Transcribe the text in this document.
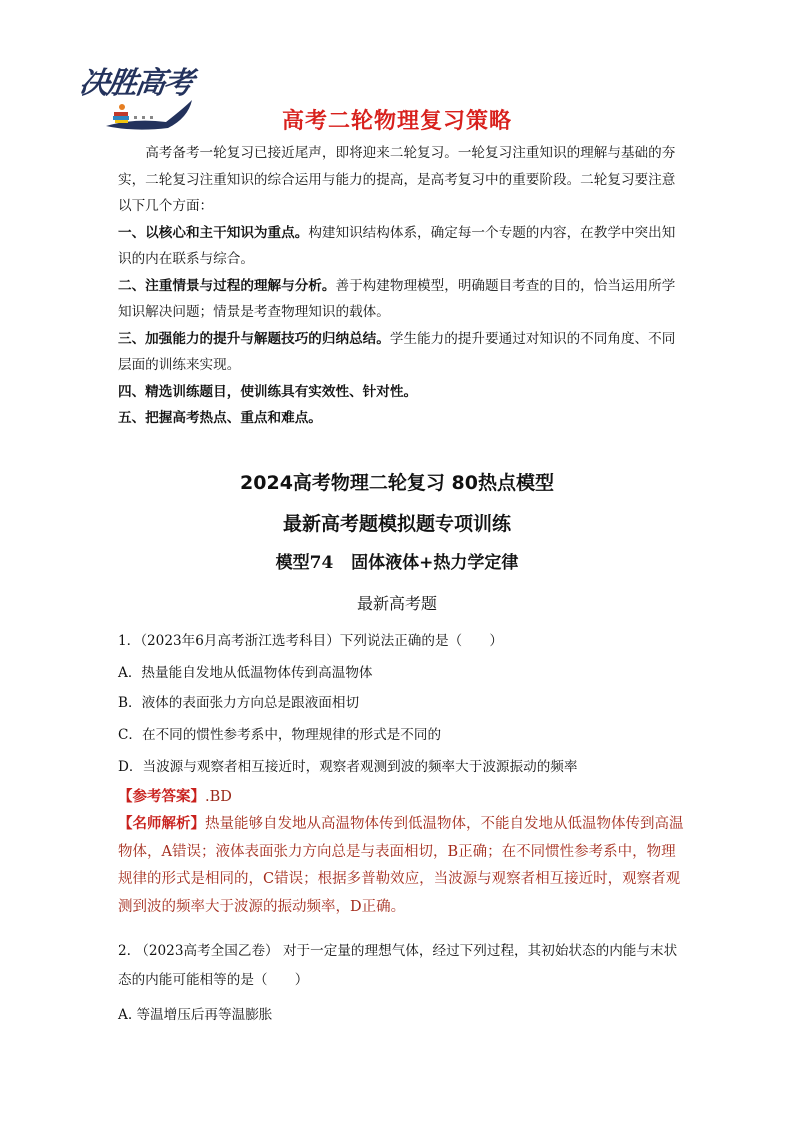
决胜高考
高考二轮物理复习策略

高考备考一轮复习已接近尾声，即将迎来二轮复习。一轮复习注重知识的理解与基础的夯实，二轮复习注重知识的综合运用与能力的提高，是高考复习中的重要阶段。二轮复习要注意以下几个方面：

一、以核心和主干知识为重点。构建知识结构体系，确定每一个专题的内容，在教学中突出知识的内在联系与综合。

二、注重情景与过程的理解与分析。善于构建物理模型，明确题目考查的目的，恰当运用所学知识解决问题；情景是考查物理知识的载体。

三、加强能力的提升与解题技巧的归纳总结。学生能力的提升要通过对知识的不同角度、不同层面的训练来实现。

四、精选训练题目，使训练具有实效性、针对性。

五、把握高考热点、重点和难点。

2024高考物理二轮复习 80热点模型
最新高考题模拟题专项训练
模型74   固体液体+热力学定律
最新高考题
1．（2023年6月高考浙江选考科目）下列说法正确的是（　　）
A．热量能自发地从低温物体传到高温物体
B．液体的表面张力方向总是跟液面相切
C．在不同的惯性参考系中，物理规律的形式是不同的
D．当波源与观察者相互接近时，观察者观测到波的频率大于波源振动的频率
【参考答案】.BD
【名师解析】热量能够自发地从高温物体传到低温物体，不能自发地从低温物体传到高温物体，A错误；液体表面张力方向总是与表面相切，B正确；在不同惯性参考系中，物理规律的形式是相同的，C错误；根据多普勒效应，当波源与观察者相互接近时，观察者观测到波的频率大于波源的振动频率，D正确。
2. （2023高考全国乙卷） 对于一定量的理想气体，经过下列过程，其初始状态的内能与末状态的内能可能相等的是（　　）
A. 等温增压后再等温膨胀
